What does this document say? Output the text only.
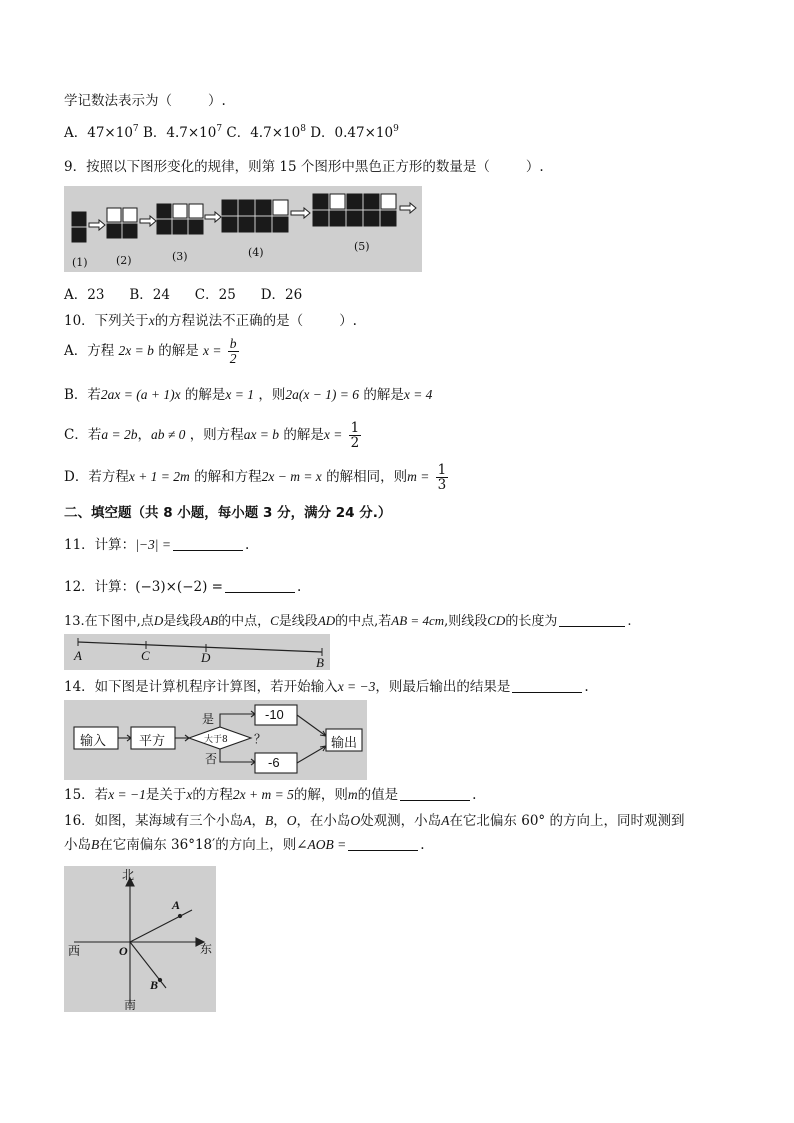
学记数法表示为（	）.
A．$47\times 10^7$ B．$4.7\times 10^7$ C．$4.7\times 10^8$ D．$0.47\times 10^9$
9．按照以下图形变化的规律，则第 15 个图形中黑色正方形的数量是（	）.
(1)	(2)	(3)	(4)	(5)
A．23 B．24 C．25 D．26
10．下列关于x的方程说法不正确的是（	）.
A．方程 2x = b 的解是 $x = \frac{b}{2}$
B．若2ax = (a + 1)x 的解是x = 1 ，则2a(x − 1) = 6 的解是x = 4
C．若a = 2b，ab ≠ 0 ，则方程ax = b 的解是$x = \frac{1}{2}$
D．若方程x + 1 = 2m 的解和方程2x − m = x 的解相同，则$m = \frac{1}{3}$
二、填空题（共 8 小题，每小题 3 分，满分 24 分.）
11．计算：|−3| =	.
12．计算：(−3)×(−2) =	.
13.在下图中,点D是线段AB的中点，C是线段AD的中点,若AB = 4cm,则线段CD的长度为	.
A	C	D	B
14．如下图是计算机程序计算图，若开始输入x = −3，则最后输出的结果是	.
输入	平方	大于8 ？
是
否
-10
-6
输出
15．若x = −1是关于x的方程2x + m = 5的解，则m的值是	.
16．如图，某海域有三个小岛A，B，O，在小岛O处观测，小岛A在它北偏东 60° 的方向上，同时观测到
小岛B在它南偏东 36°18′的方向上，则∠AOB =	.
北
南
东
西	O
A
B
